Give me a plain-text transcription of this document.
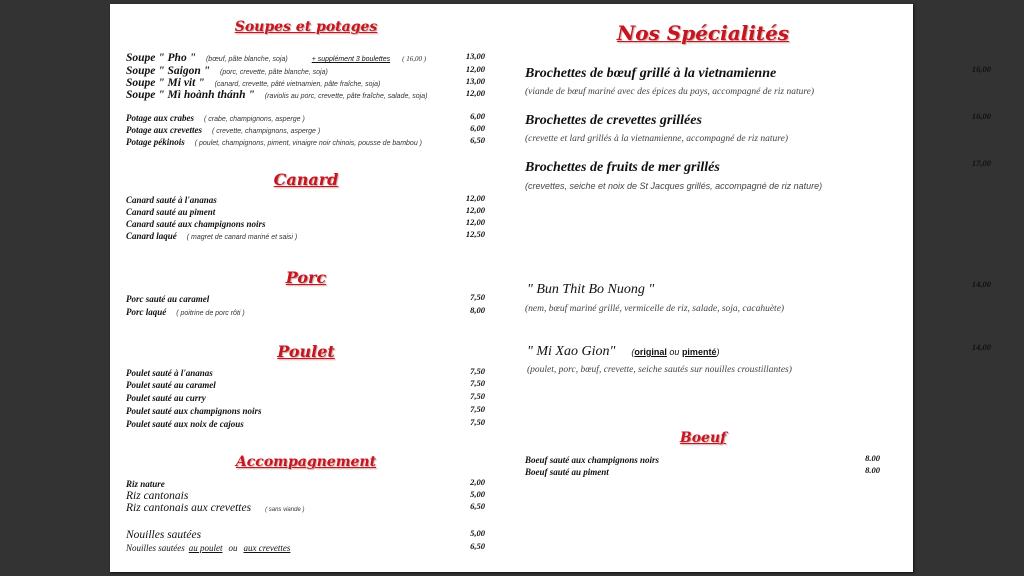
Soupes et potages
Soupe " Pho " (bœuf, pâte blanche, soja)	+ supplément 3 boulettes ( 16,00 )	13,00
Soupe " Saigon " (porc, crevette, pâte blanche, soja)	12,00
Soupe " Mi vit " (canard, crevette, pâté vietnamien, pâte fraîche, soja)	13,00
Soupe " Mì hoành thánh " (raviolis au porc, crevette, pâte fraîche, salade, soja)	12,00
Potage aux crabes ( crabe, champignons, asperge )	6,00
Potage aux crevettes ( crevette, champignons, asperge )	6,00
Potage pékinois ( poulet, champignons, piment, vinaigre noir chinois, pousse de bambou )	6,50
Canard
Canard sauté à l'ananas	12,00
Canard sauté au piment	12,00
Canard sauté aux champignons noirs	12,00
Canard laqué ( magret de canard mariné et saisi )	12,50
Porc
Porc sauté au caramel	7,50
Porc laqué ( poitrine de porc rôti )	8,00
Poulet
Poulet sauté à l'ananas	7,50
Poulet sauté au caramel	7,50
Poulet sauté au curry	7,50
Poulet sauté aux champignons noirs	7,50
Poulet sauté aux noix de cajous	7,50
Accompagnement
Riz nature	2,00
Riz cantonais	5,00
Riz cantonais aux crevettes ( sans viande )	6,50
Nouilles sautées	5,00
Nouilles sautées au poulet ou aux crevettes	6,50
Nos Spécialités
Brochettes de bœuf grillé à la vietnamienne
(viande de bœuf mariné avec des épices du pays, accompagné de riz nature)
16,00
Brochettes de crevettes grillées
(crevette et lard grillés à la vietnamienne, accompagné de riz nature)
16,00
Brochettes de fruits de mer grillés
(crevettes, seiche et noix de St Jacques grillés, accompagné de riz nature)
17,00
" Bun Thit Bo Nuong "
(nem, bœuf mariné grillé, vermicelle de riz, salade, soja, cacahuète)
14,00
" Mi Xao Gion" (original ou pimenté)
(poulet, porc, bœuf, crevette, seiche sautés sur nouilles croustillantes)
14,00
Boeuf
Boeuf sauté aux champignons noirs	8.00
Boeuf sauté au piment	8.00
